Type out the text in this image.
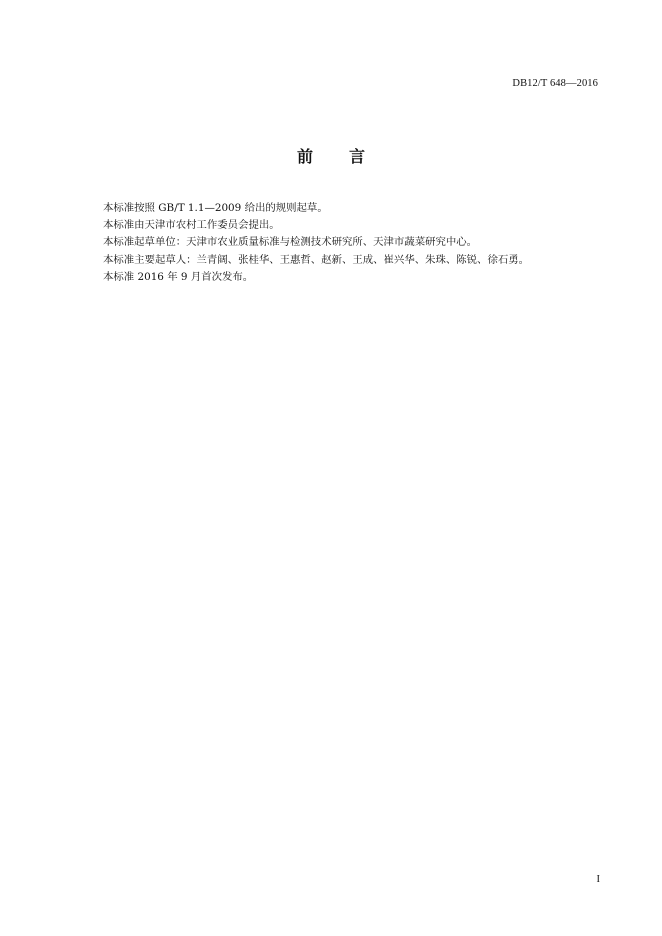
DB12/T 648—2016
前言
本标准按照 GB/T 1.1—2009 给出的规则起草。
本标准由天津市农村工作委员会提出。
本标准起草单位：天津市农业质量标准与检测技术研究所、天津市蔬菜研究中心。
本标准主要起草人：兰青阔、张桂华、王惠哲、赵新、王成、崔兴华、朱珠、陈锐、徐石勇。
本标准 2016 年 9 月首次发布。
I
